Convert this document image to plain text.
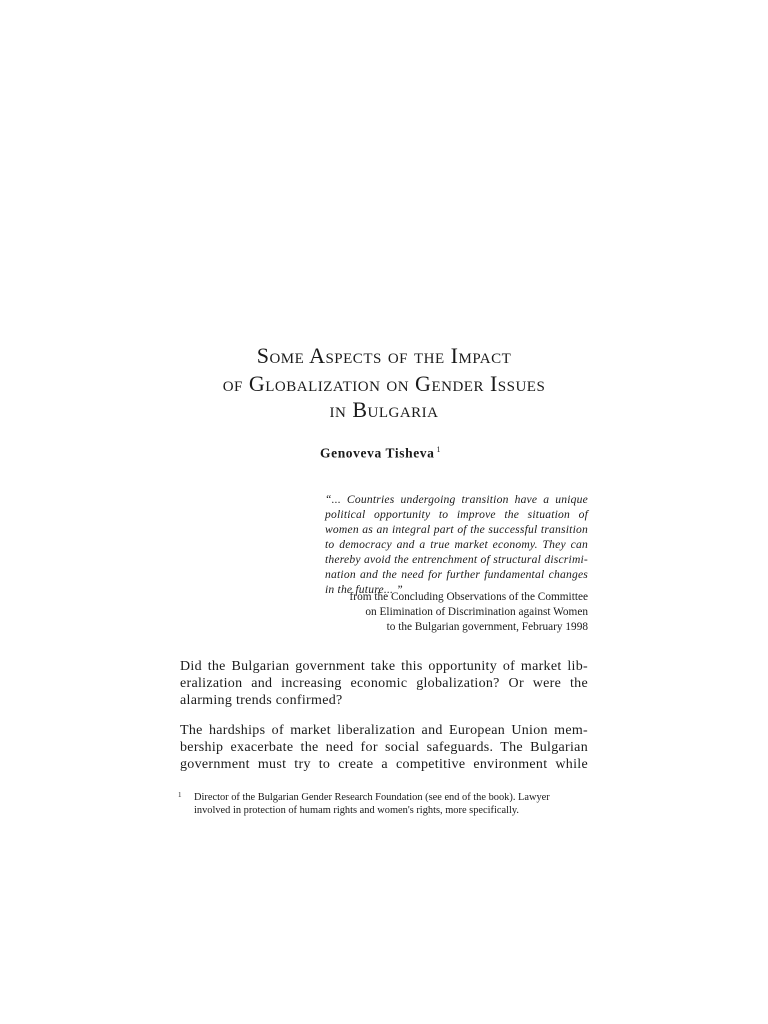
Some Aspects of the Impact
of Globalization on Gender Issues
in Bulgaria
Genoveva Tisheva $^1$
“... Countries undergoing transition have a unique
political opportunity to improve the situation of
women as an integral part of the successful transition
to democracy and a true market economy. They can
thereby avoid the entrenchment of structural discrimi-
nation and the need for further fundamental changes
in the future... ”
from the Concluding Observations of the Committee
on Elimination of Discrimination against Women
to the Bulgarian government, February 1998
Did the Bulgarian government take this opportunity of market lib-
eralization and increasing economic globalization? Or were the
alarming trends confirmed?
The hardships of market liberalization and European Union mem-
bership exacerbate the need for social safeguards. The Bulgarian
government must try to create a competitive environment while
1 Director of the Bulgarian Gender Research Foundation (see end of the book). Lawyer
involved in protection of humam rights and women's rights, more specifically.
